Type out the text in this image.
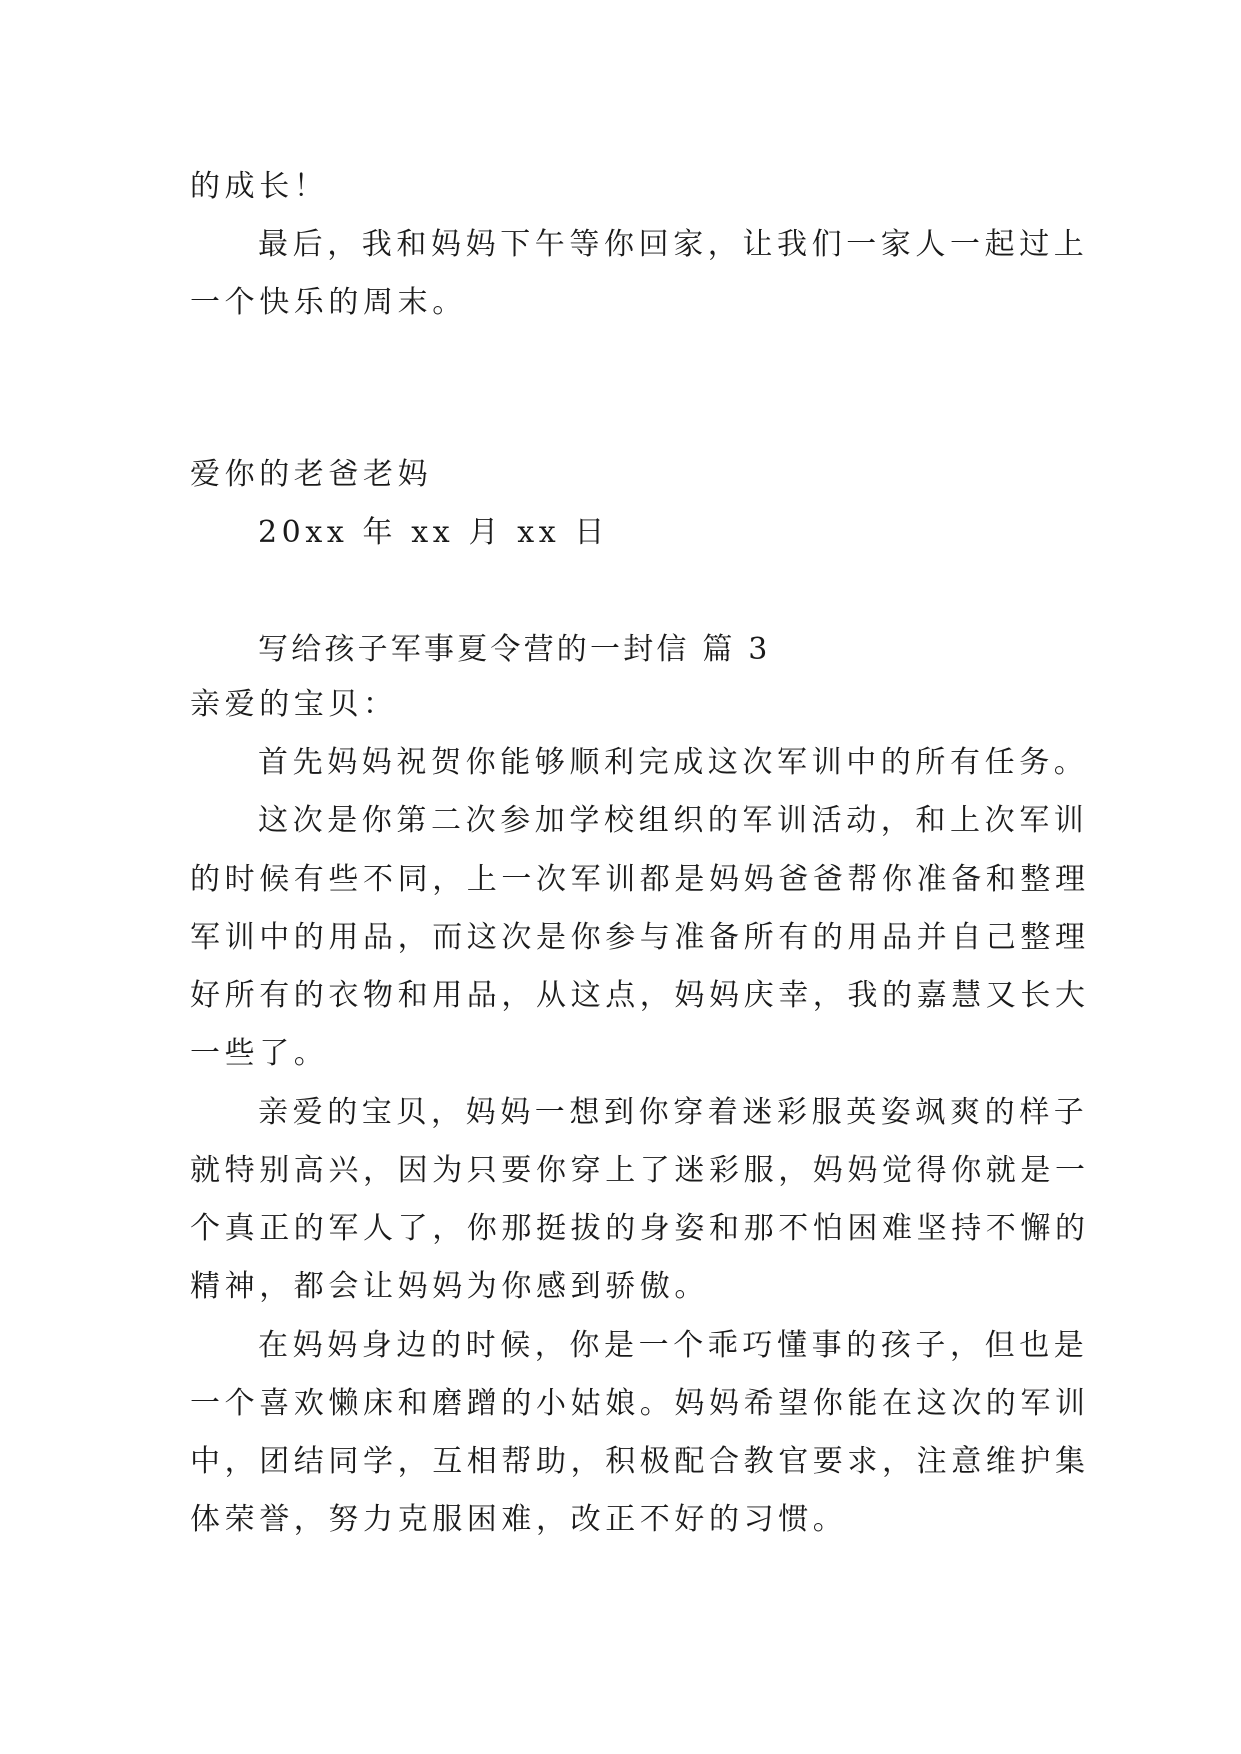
的成长！
最后，我和妈妈下午等你回家，让我们一家人一起过上
一个快乐的周末。
爱你的老爸老妈
20xx 年 xx 月 xx 日
写给孩子军事夏令营的一封信 篇 3
亲爱的宝贝：
首先妈妈祝贺你能够顺利完成这次军训中的所有任务。
这次是你第二次参加学校组织的军训活动，和上次军训
的时候有些不同，上一次军训都是妈妈爸爸帮你准备和整理
军训中的用品，而这次是你参与准备所有的用品并自己整理
好所有的衣物和用品，从这点，妈妈庆幸，我的嘉慧又长大
一些了。
亲爱的宝贝，妈妈一想到你穿着迷彩服英姿飒爽的样子
就特别高兴，因为只要你穿上了迷彩服，妈妈觉得你就是一
个真正的军人了，你那挺拔的身姿和那不怕困难坚持不懈的
精神，都会让妈妈为你感到骄傲。
在妈妈身边的时候，你是一个乖巧懂事的孩子，但也是
一个喜欢懒床和磨蹭的小姑娘。妈妈希望你能在这次的军训
中，团结同学，互相帮助，积极配合教官要求，注意维护集
体荣誉，努力克服困难，改正不好的习惯。
